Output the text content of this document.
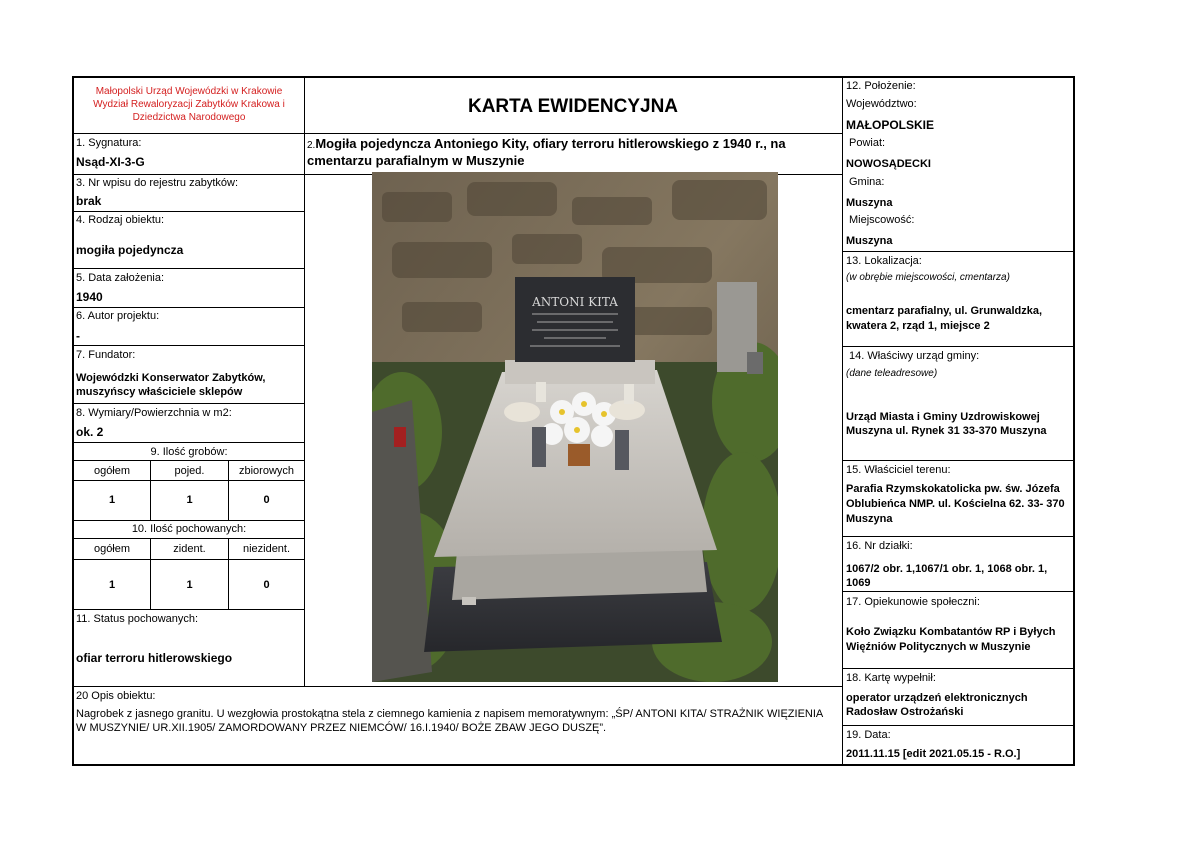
Małopolski Urząd Wojewódzki w Krakowie
Wydział Rewaloryzacji Zabytków Krakowa i
Dziedzictwa Narodowego
KARTA EWIDENCYJNA
2.Mogiła pojedyncza Antoniego Kity, ofiary terroru hitlerowskiego z 1940 r., na
cmentarzu parafialnym w Muszynie
1. Sygnatura:
Nsąd-XI-3-G
3. Nr wpisu do rejestru zabytków:
brak
4. Rodzaj obiektu:
mogiła pojedyncza
5. Data założenia:
1940
6. Autor projektu:
-
7. Fundator:
Wojewódzki Konserwator Zabytków,
muszyńscy właściciele sklepów
8. Wymiary/Powierzchnia w m2:
ok. 2
9. Ilość grobów:
ogółem	pojed.	zbiorowych
1	1	0
10. Ilość pochowanych:
ogółem	zident.	niezident.
1	1	0
11. Status pochowanych:
ofiar terroru hitlerowskiego
12. Położenie:
Województwo:
MAŁOPOLSKIE
Powiat:
NOWOSĄDECKI
Gmina:
Muszyna
Miejscowość:
Muszyna
13. Lokalizacja:
(w obrębie miejscowości, cmentarza)
cmentarz parafialny, ul. Grunwaldzka,
kwatera 2, rząd 1, miejsce 2
14. Właściwy urząd gminy:
(dane teleadresowe)
Urząd Miasta i Gminy Uzdrowiskowej
Muszyna ul. Rynek 31 33-370 Muszyna
15. Właściciel terenu:
Parafia Rzymskokatolicka pw. św. Józefa
Oblubieńca NMP. ul. Kościelna 62. 33- 370
Muszyna
16. Nr działki:
1067/2 obr. 1,1067/1 obr. 1, 1068 obr. 1,
1069
17. Opiekunowie społeczni:
Koło Związku Kombatantów RP i Byłych
Więźniów Politycznych w Muszynie
18. Kartę wypełnił:
operator urządzeń elektronicznych
Radosław Ostrożański
19. Data:
2011.11.15 [edit 2021.05.15 - R.O.]
20 Opis obiektu:
Nagrobek z jasnego granitu. U wezgłowia prostokątna stela z ciemnego kamienia z napisem memoratywnym: „ŚP/ ANTONI KITA/ STRAŻNIK WIĘZIENIA
W MUSZYNIE/ UR.XII.1905/ ZAMORDOWANY PRZEZ NIEMCÓW/ 16.I.1940/ BOŻE ZBAW JEGO DUSZĘ”.
ANTONI KITA
